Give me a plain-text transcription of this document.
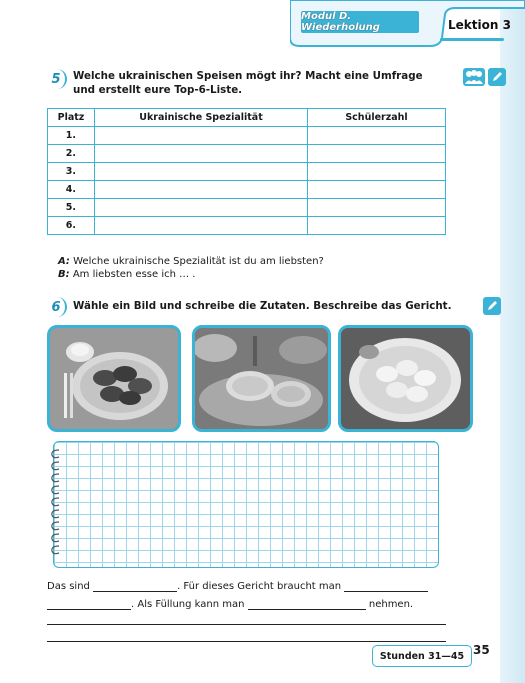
Modul D. Wiederholung	Lektion 3
5	Welche ukrainischen Speisen mögt ihr? Macht eine Umfrage und erstellt eure Top-6-Liste.
Platz	Ukrainische Spezialität	Schülerzahl
1.		
2.		
3.		
4.		
5.		
6.		
A: Welche ukrainische Spezialität ist du am liebsten?
B: Am liebsten esse ich … .
6	Wähle ein Bild und schreibe die Zutaten. Beschreibe das Gericht.
Das sind	. Für dieses Gericht braucht man
. Als Füllung kann man	nehmen.
Stunden 31—45 35
